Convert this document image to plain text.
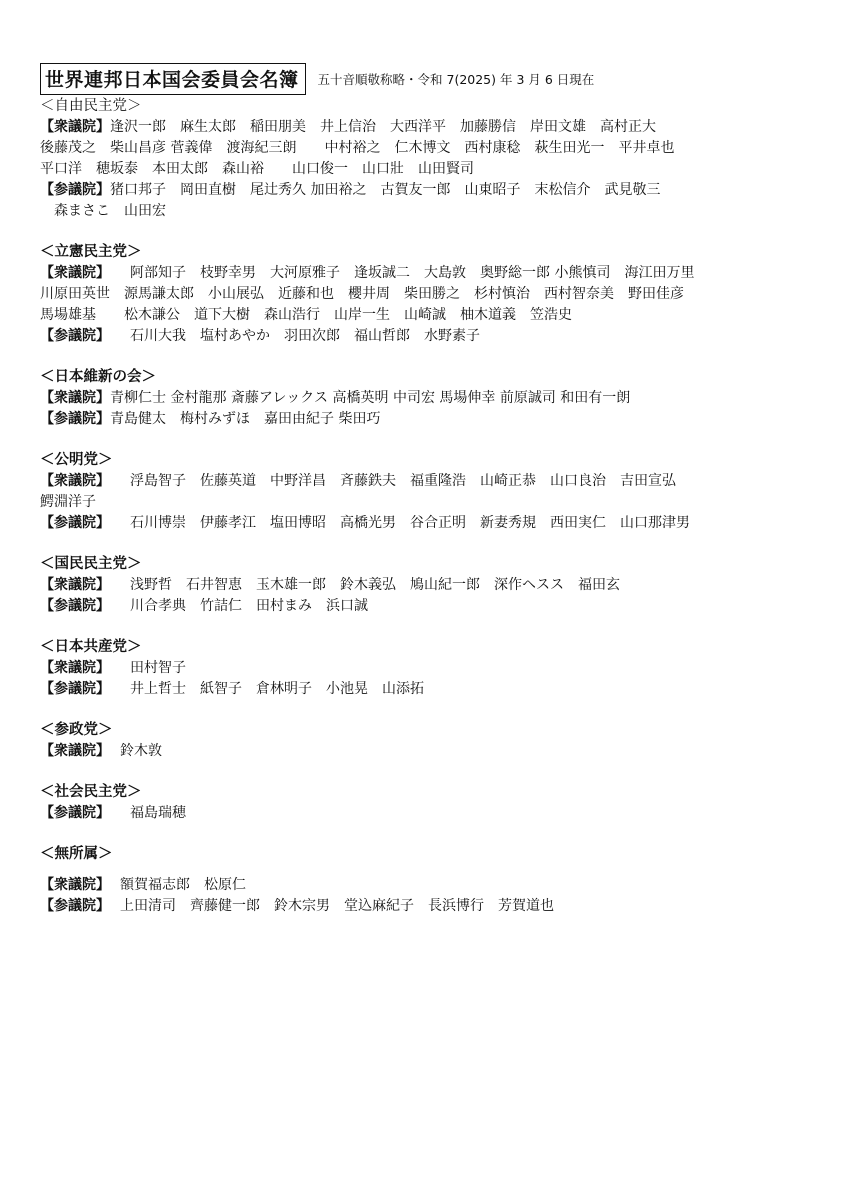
世界連邦日本国会委員会名簿	五十音順敬称略・令和 7(2025) 年 3 月 6 日現在
＜自由民主党＞
【衆議院】逢沢一郎　麻生太郎　稲田朋美　井上信治　大西洋平　加藤勝信　岸田文雄　高村正大
後藤茂之　柴山昌彦 菅義偉　渡海紀三朗　　中村裕之　仁木博文　西村康稔　萩生田光一　平井卓也
平口洋　穂坂泰　本田太郎　森山裕　　山口俊一　山口壯　山田賢司
【参議院】猪口邦子　岡田直樹　尾辻秀久 加田裕之　古賀友一郎　山東昭子　末松信介　武見敬三
森まさこ　山田宏
＜立憲民主党＞
【衆議院】 阿部知子　枝野幸男　大河原雅子　逢坂誠二　大島敦　奥野総一郎 小熊慎司　海江田万里
川原田英世　源馬謙太郎　小山展弘　近藤和也　櫻井周　柴田勝之　杉村慎治　西村智奈美　野田佳彦
馬場雄基　　松木謙公　道下大樹　森山浩行　山岸一生　山崎誠　柚木道義　笠浩史
【参議院】 石川大我　塩村あやか　羽田次郎　福山哲郎　水野素子
＜日本維新の会＞
【衆議院】青柳仁士 金村龍那 斎藤アレックス 高橋英明 中司宏 馬場伸幸 前原誠司 和田有一朗
【参議院】青島健太　梅村みずほ　嘉田由紀子 柴田巧
＜公明党＞
【衆議院】 浮島智子　佐藤英道　中野洋昌　斉藤鉄夫　福重隆浩　山崎正恭　山口良治　吉田宣弘
鰐淵洋子
【参議院】 石川博崇　伊藤孝江　塩田博昭　高橋光男　谷合正明　新妻秀規　西田実仁　山口那津男
＜国民民主党＞
【衆議院】 浅野哲　石井智恵　玉木雄一郎　鈴木義弘　鳩山紀一郎　深作ヘスス　福田玄
【参議院】 川合孝典　竹詰仁　田村まみ　浜口誠
＜日本共産党＞
【衆議院】 田村智子
【参議院】 井上哲士　紙智子　倉林明子　小池晃　山添拓
＜参政党＞
【衆議院】 鈴木敦
＜社会民主党＞
【参議院】 福島瑞穂
＜無所属＞
【衆議院】 額賀福志郎　松原仁
【参議院】 上田清司　齊藤健一郎　鈴木宗男　堂込麻紀子　長浜博行　芳賀道也
